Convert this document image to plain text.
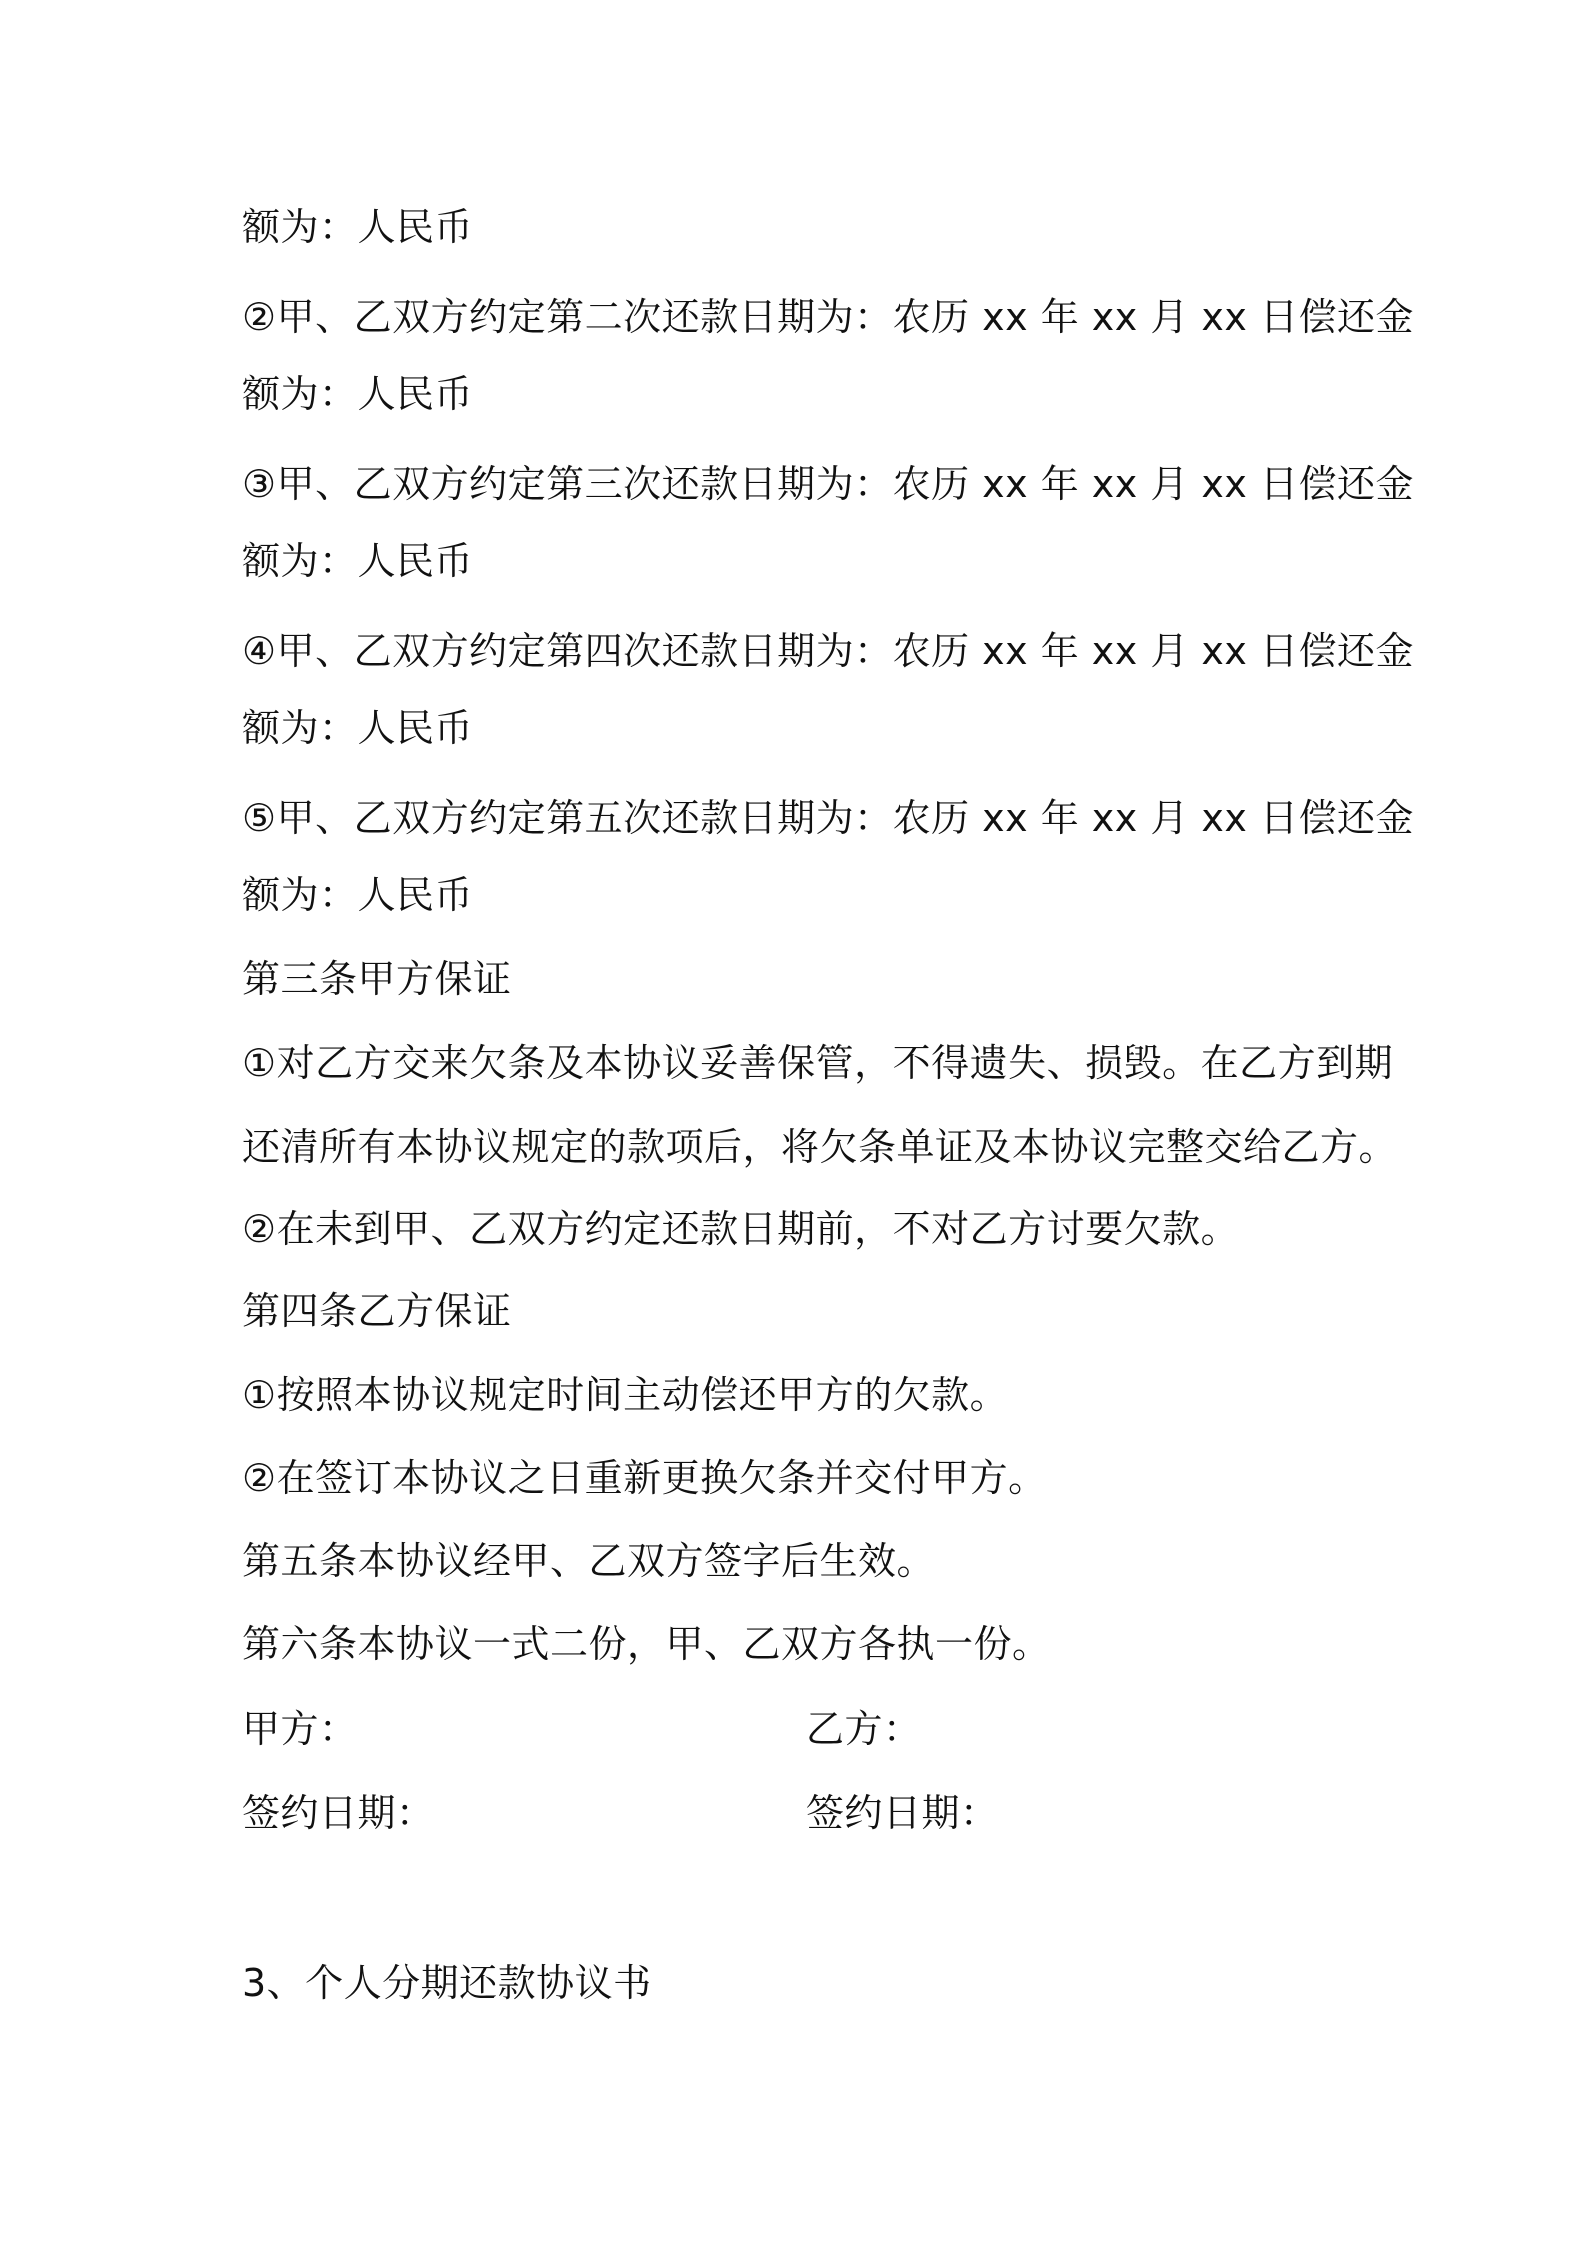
额为：人民币

②甲、乙双方约定第二次还款日期为：农历 xx 年 xx 月 xx 日偿还金

额为：人民币

③甲、乙双方约定第三次还款日期为：农历 xx 年 xx 月 xx 日偿还金

额为：人民币

④甲、乙双方约定第四次还款日期为：农历 xx 年 xx 月 xx 日偿还金

额为：人民币

⑤甲、乙双方约定第五次还款日期为：农历 xx 年 xx 月 xx 日偿还金

额为：人民币

第三条甲方保证

①对乙方交来欠条及本协议妥善保管，不得遗失、损毁。在乙方到期

还清所有本协议规定的款项后，将欠条单证及本协议完整交给乙方。

②在未到甲、乙双方约定还款日期前，不对乙方讨要欠款。

第四条乙方保证

①按照本协议规定时间主动偿还甲方的欠款。

②在签订本协议之日重新更换欠条并交付甲方。

第五条本协议经甲、乙双方签字后生效。

第六条本协议一式二份，甲、乙双方各执一份。

甲方：	乙方：

签约日期：	签约日期：

3、个人分期还款协议书
